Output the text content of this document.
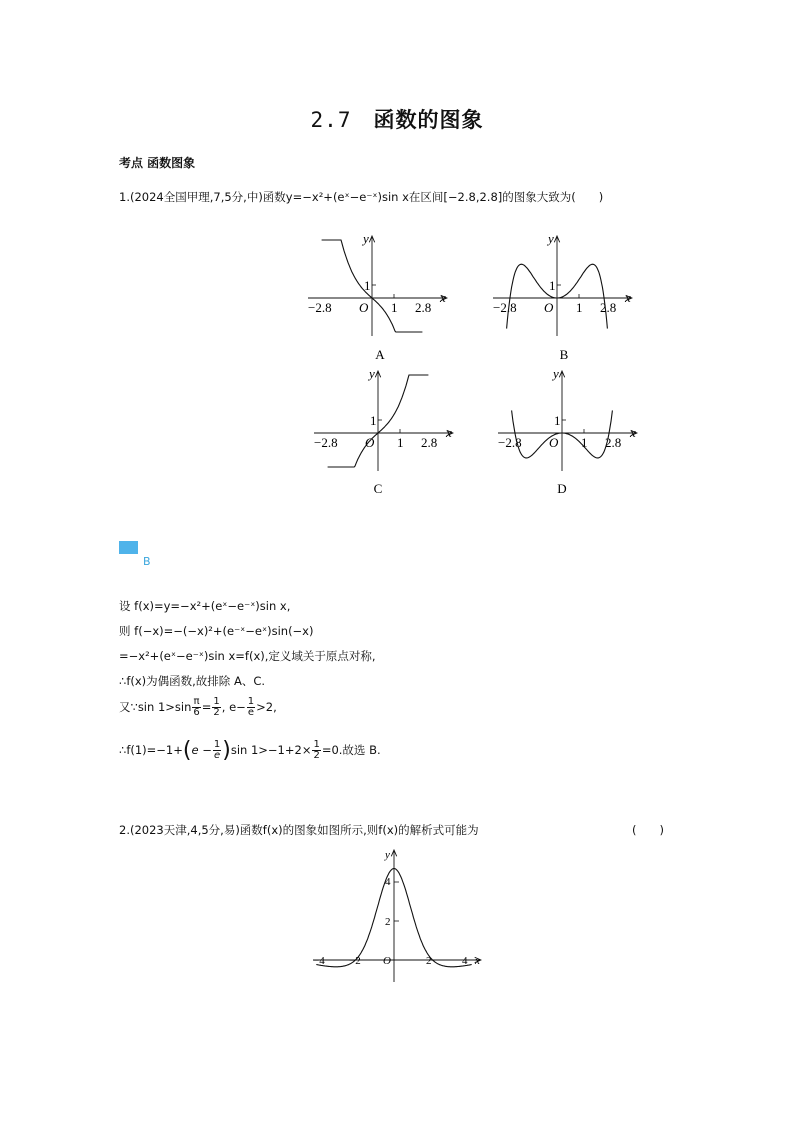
2.7 函数的图象
考点 函数图象
1.(2024全国甲理,7,5分,中)函数y=−x²+(eˣ−e⁻ˣ)sin x在区间[−2.8,2.8]的图象大致为(　　)
y
x
O
1
1
−2.8	2.8
y
x
O
1
1
−2.8	2.8
y
x
O
1
1
−2.8	2.8
y
x
O
1
1
−2.8	2.8
A	B
C	D
B
设 f(x)=y=−x²+(eˣ−e⁻ˣ)sin x,
则 f(−x)=−(−x)²+(e⁻ˣ−eˣ)sin(−x)
=−x²+(eˣ−e⁻ˣ)sin x=f(x),定义域关于原点对称,
∴f(x)为偶函数,故排除 A、C.
又∵sin $1>\sin \frac{\pi}{6} = \frac{1}{2}$ , $e- \frac{1}{e} >2$,
∴f(1)=−1+(e − $\frac{1}{e} )\sin$ $1>-1+2\times \frac{1}{2} =0$.故选 B.
2.(2023天津,4,5分,易)函数f(x)的图象如图所示,则f(x)的解析式可能为	(　　)
y
x
O
4
2
−4 −2	2	4
